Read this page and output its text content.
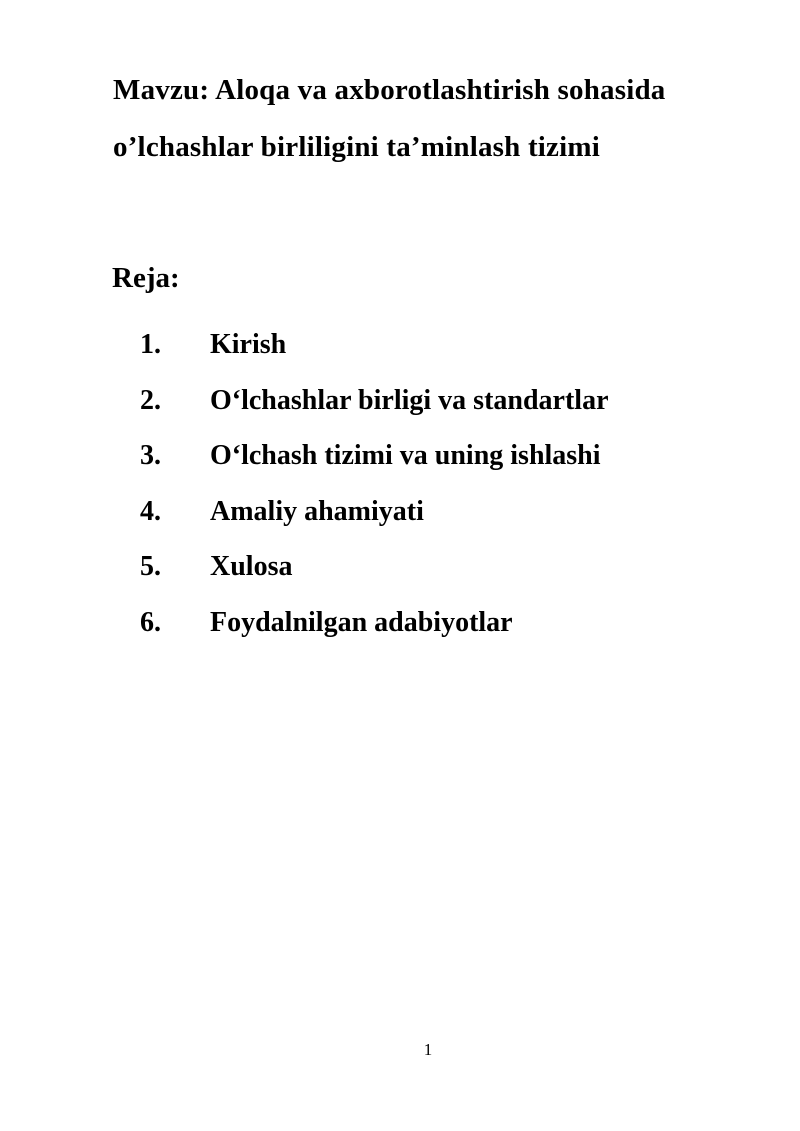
Mavzu: Aloqa va axborotlashtirish sohasida
o’lchashlar birliligini ta’minlash tizimi
Reja:
1.	Kirish
2.	O‘lchashlar birligi va standartlar
3.	O‘lchash tizimi va uning ishlashi
4.	Amaliy ahamiyati
5.	Xulosa
6.	Foydalnilgan adabiyotlar
1
